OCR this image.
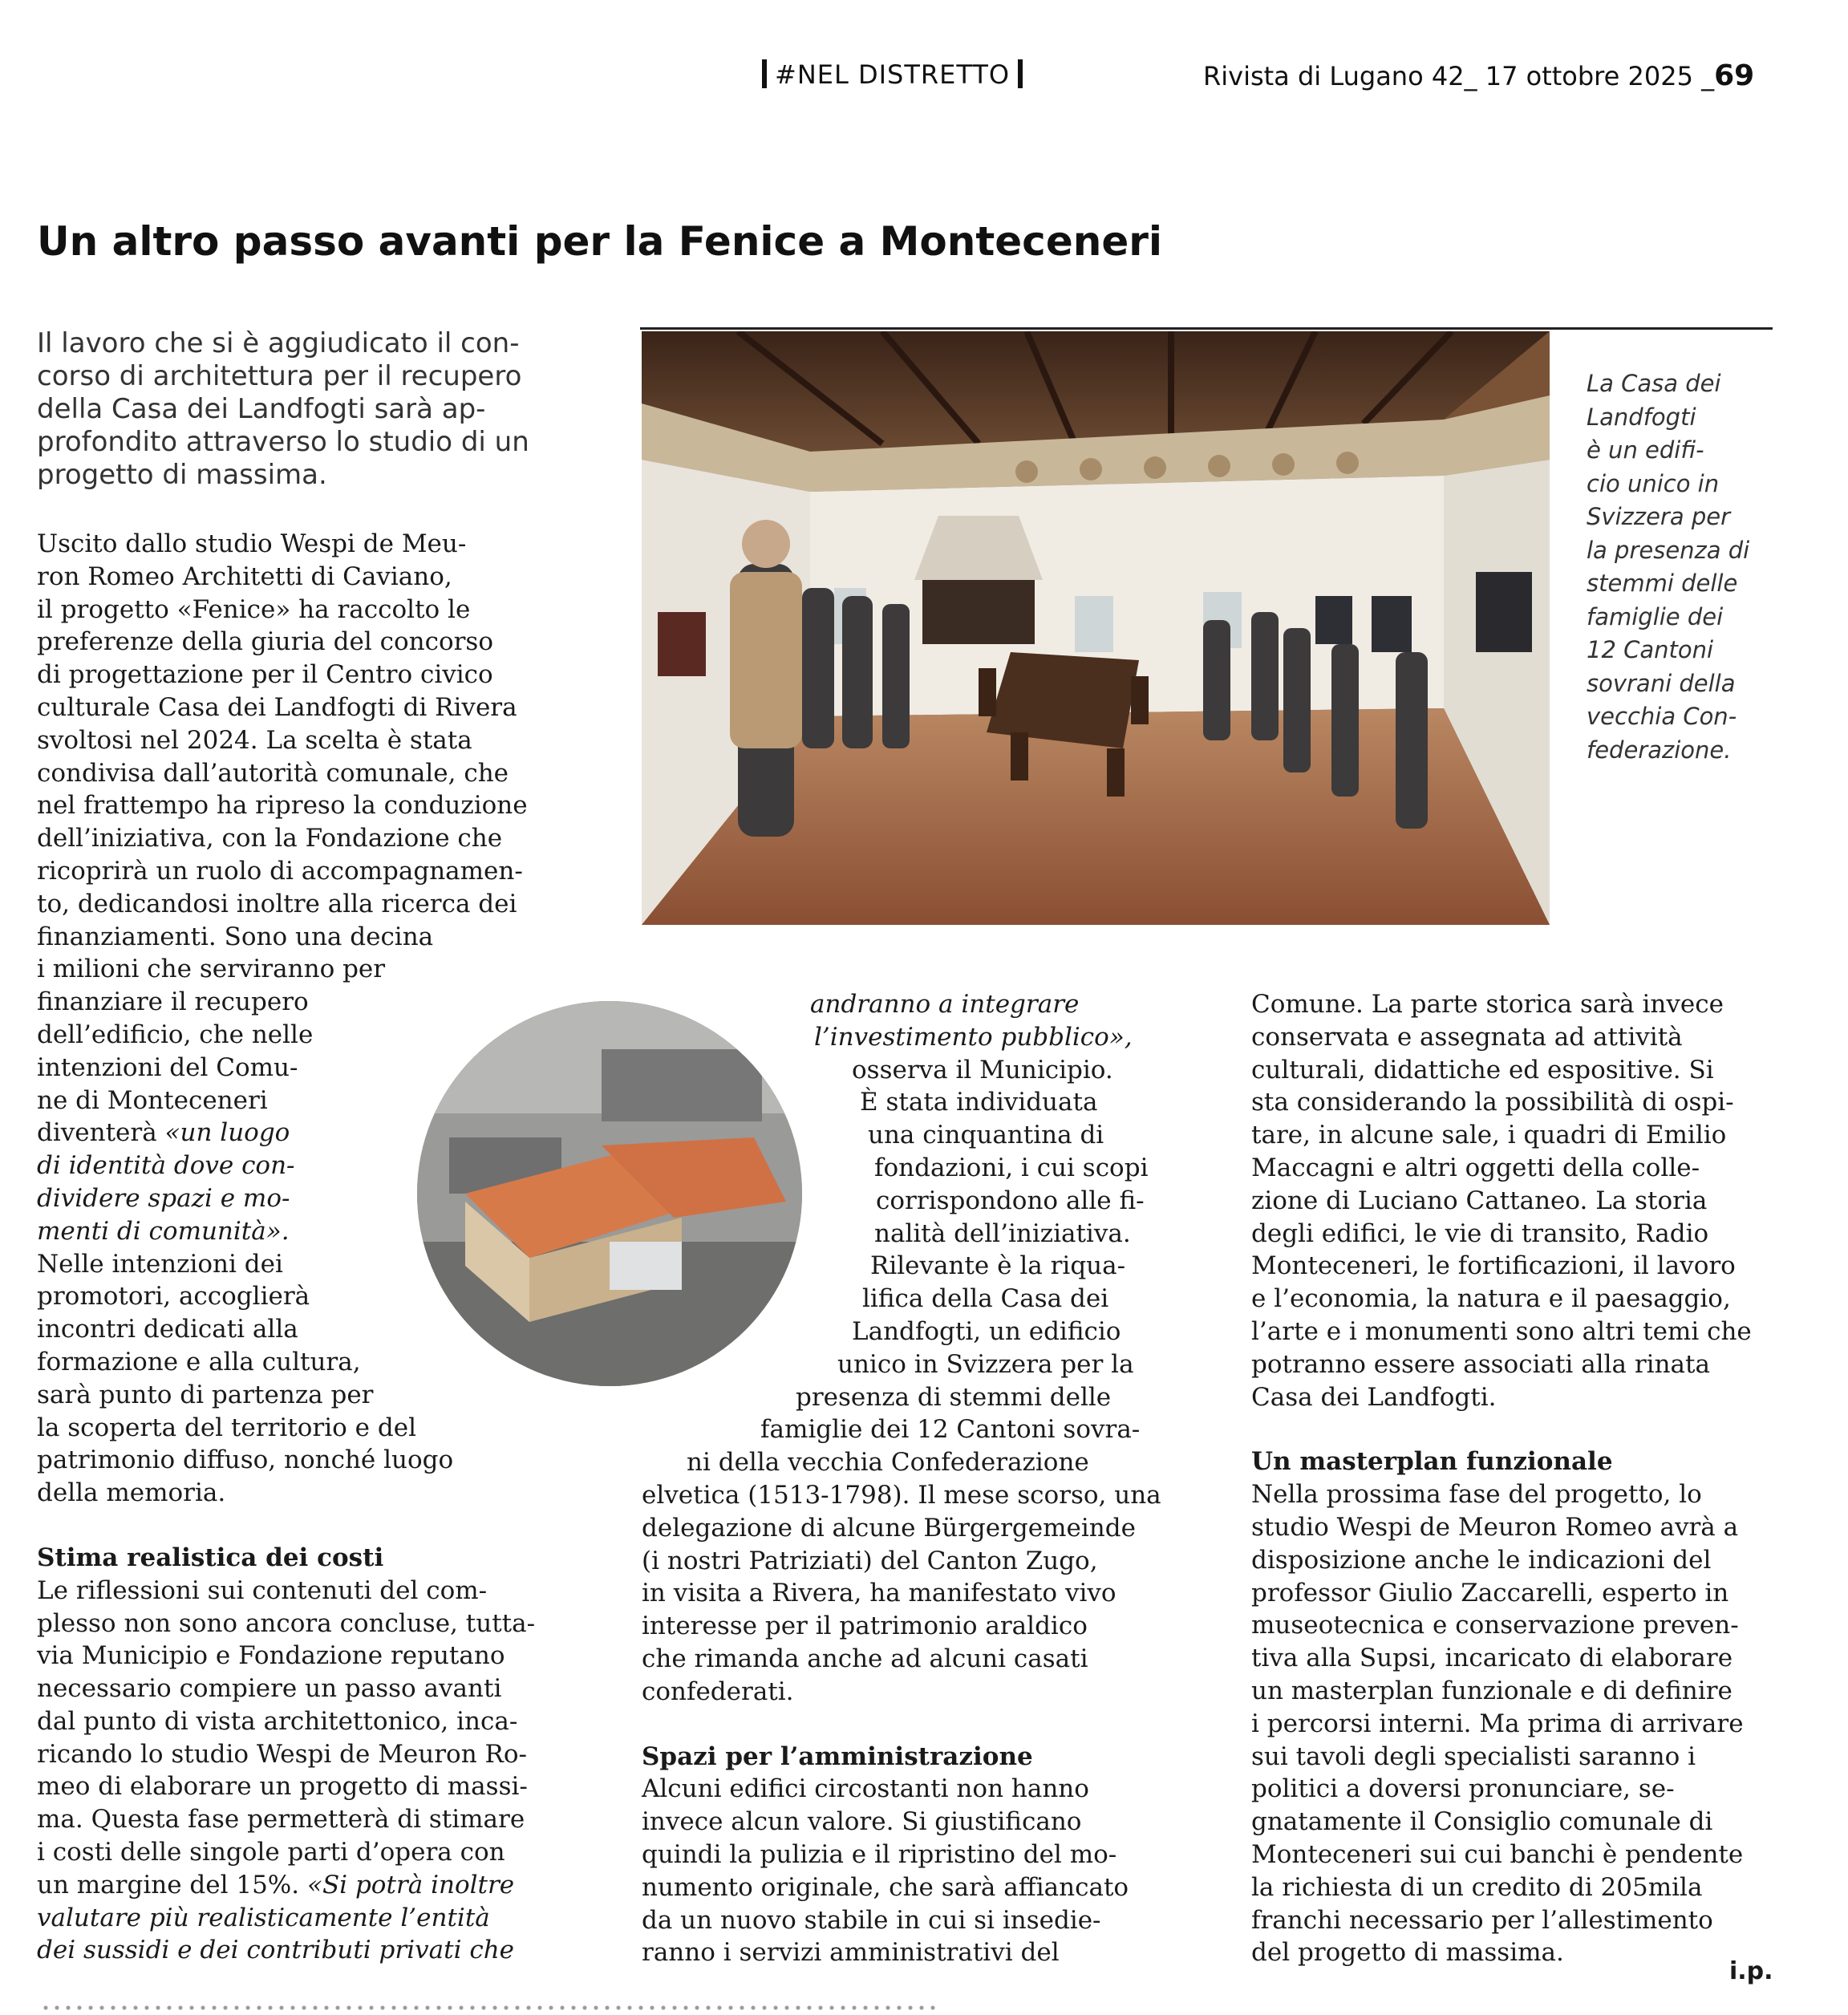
#NEL DISTRETTO	Rivista di Lugano 42_ 17 ottobre 2025 _69
Un altro passo avanti per la Fenice a Monteceneri
Il lavoro che si è aggiudicato il con-
corso di architettura per il recupero
della Casa dei Landfogti sarà ap-
profondito attraverso lo studio di un
progetto di massima.
La Casa dei
Landfogti
è un edifi-
cio unico in
Svizzera per
la presenza di
stemmi delle
famiglie dei
12 Cantoni
sovrani della
vecchia Con-
federazione.
Uscito dallo studio Wespi de Meu-
ron Romeo Architetti di Caviano,
il progetto «Fenice» ha raccolto le
preferenze della giuria del concorso
di progettazione per il Centro civico
culturale Casa dei Landfogti di Rivera
svoltosi nel 2024. La scelta è stata
condivisa dall’autorità comunale, che
nel frattempo ha ripreso la conduzione
dell’iniziativa, con la Fondazione che
ricoprirà un ruolo di accompagnamen-
to, dedicandosi inoltre alla ricerca dei
finanziamenti. Sono una decina
i milioni che serviranno per
finanziare il recupero
dell’edificio, che nelle
intenzioni del Comu-
ne di Monteceneri
diventerà «un luogo
di identità dove con-
dividere spazi e mo-
menti di comunità».
Nelle intenzioni dei
promotori, accoglierà
incontri dedicati alla
formazione e alla cultura,
sarà punto di partenza per
la scoperta del territorio e del
patrimonio diffuso, nonché luogo
della memoria.
Stima realistica dei costi
Le riflessioni sui contenuti del com-
plesso non sono ancora concluse, tutta-
via Municipio e Fondazione reputano
necessario compiere un passo avanti
dal punto di vista architettonico, inca-
ricando lo studio Wespi de Meuron Ro-
meo di elaborare un progetto di massi-
ma. Questa fase permetterà di stimare
i costi delle singole parti d’opera con
un margine del 15%. «Si potrà inoltre
valutare più realisticamente l’entità
dei sussidi e dei contributi privati che
andranno a integrare
l’investimento pubblico»,
osserva il Municipio.
È stata individuata
una cinquantina di
fondazioni, i cui scopi
corrispondono alle fi-
nalità dell’iniziativa.
Rilevante è la riqua-
lifica della Casa dei
Landfogti, un edificio
unico in Svizzera per la
presenza di stemmi delle
famiglie dei 12 Cantoni sovra-
ni della vecchia Confederazione
elvetica (1513-1798). Il mese scorso, una
delegazione di alcune Bürgergemeinde
(i nostri Patriziati) del Canton Zugo,
in visita a Rivera, ha manifestato vivo
interesse per il patrimonio araldico
che rimanda anche ad alcuni casati
confederati.
Spazi per l’amministrazione
Alcuni edifici circostanti non hanno
invece alcun valore. Si giustificano
quindi la pulizia e il ripristino del mo-
numento originale, che sarà affiancato
da un nuovo stabile in cui si insedie-
ranno i servizi amministrativi del
Comune. La parte storica sarà invece
conservata e assegnata ad attività
culturali, didattiche ed espositive. Si
sta considerando la possibilità di ospi-
tare, in alcune sale, i quadri di Emilio
Maccagni e altri oggetti della colle-
zione di Luciano Cattaneo. La storia
degli edifici, le vie di transito, Radio
Monteceneri, le fortificazioni, il lavoro
e l’economia, la natura e il paesaggio,
l’arte e i monumenti sono altri temi che
potranno essere associati alla rinata
Casa dei Landfogti.
Un masterplan funzionale
Nella prossima fase del progetto, lo
studio Wespi de Meuron Romeo avrà a
disposizione anche le indicazioni del
professor Giulio Zaccarelli, esperto in
museotecnica e conservazione preven-
tiva alla Supsi, incaricato di elaborare
un masterplan funzionale e di definire
i percorsi interni. Ma prima di arrivare
sui tavoli degli specialisti saranno i
politici a doversi pronunciare, se-
gnatamente il Consiglio comunale di
Monteceneri sui cui banchi è pendente
la richiesta di un credito di 205mila
franchi necessario per l’allestimento
del progetto di massima.
i.p.
